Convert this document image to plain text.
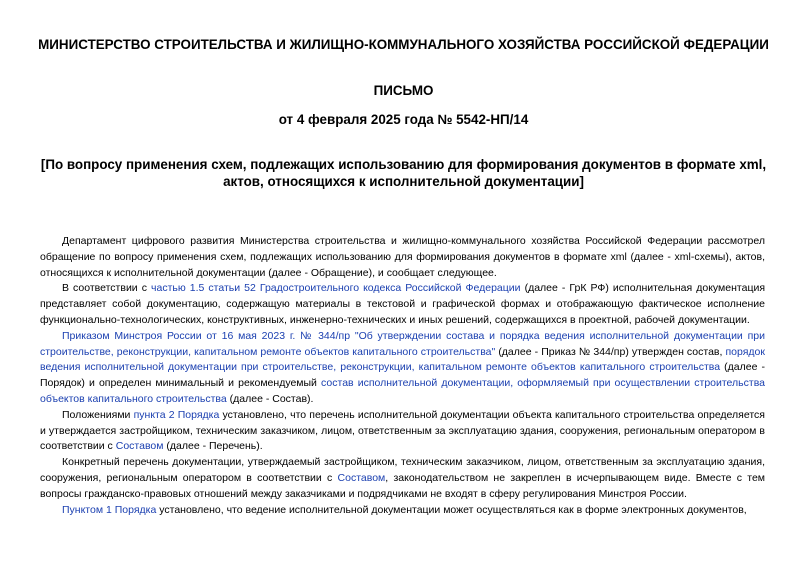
МИНИСТЕРСТВО СТРОИТЕЛЬСТВА И ЖИЛИЩНО-КОММУНАЛЬНОГО ХОЗЯЙСТВА РОССИЙСКОЙ ФЕДЕРАЦИИ
ПИСЬМО
от 4 февраля 2025 года № 5542-НП/14
[По вопросу применения схем, подлежащих использованию для формирования документов в формате xml, актов, относящихся к исполнительной документации]

Департамент цифрового развития Министерства строительства и жилищно-коммунального хозяйства Российской Федерации рассмотрел обращение по вопросу применения схем, подлежащих использованию для формирования документов в формате xml (далее - xml-схемы), актов, относящихся к исполнительной документации (далее - Обращение), и сообщает следующее.

В соответствии с частью 1.5 статьи 52 Градостроительного кодекса Российской Федерации (далее - ГрК РФ) исполнительная документация представляет собой документацию, содержащую материалы в текстовой и графической формах и отображающую фактическое исполнение функционально-технологических, конструктивных, инженерно-технических и иных решений, содержащихся в проектной, рабочей документации.

Приказом Минстроя России от 16 мая 2023 г. № 344/пр "Об утверждении состава и порядка ведения исполнительной документации при строительстве, реконструкции, капитальном ремонте объектов капитального строительства" (далее - Приказ № 344/пр) утвержден состав, порядок ведения исполнительной документации при строительстве, реконструкции, капитальном ремонте объектов капитального строительства (далее - Порядок) и определен минимальный и рекомендуемый состав исполнительной документации, оформляемый при осуществлении строительства объектов капитального строительства (далее - Состав).

Положениями пункта 2 Порядка установлено, что перечень исполнительной документации объекта капитального строительства определяется и утверждается застройщиком, техническим заказчиком, лицом, ответственным за эксплуатацию здания, сооружения, региональным оператором в соответствии с Составом (далее - Перечень).

Конкретный перечень документации, утверждаемый застройщиком, техническим заказчиком, лицом, ответственным за эксплуатацию здания, сооружения, региональным оператором в соответствии с Составом, законодательством не закреплен в исчерпывающем виде. Вместе с тем вопросы гражданско-правовых отношений между заказчиками и подрядчиками не входят в сферу регулирования Минстроя России.

Пунктом 1 Порядка установлено, что ведение исполнительной документации может осуществляться как в форме электронных документов,
